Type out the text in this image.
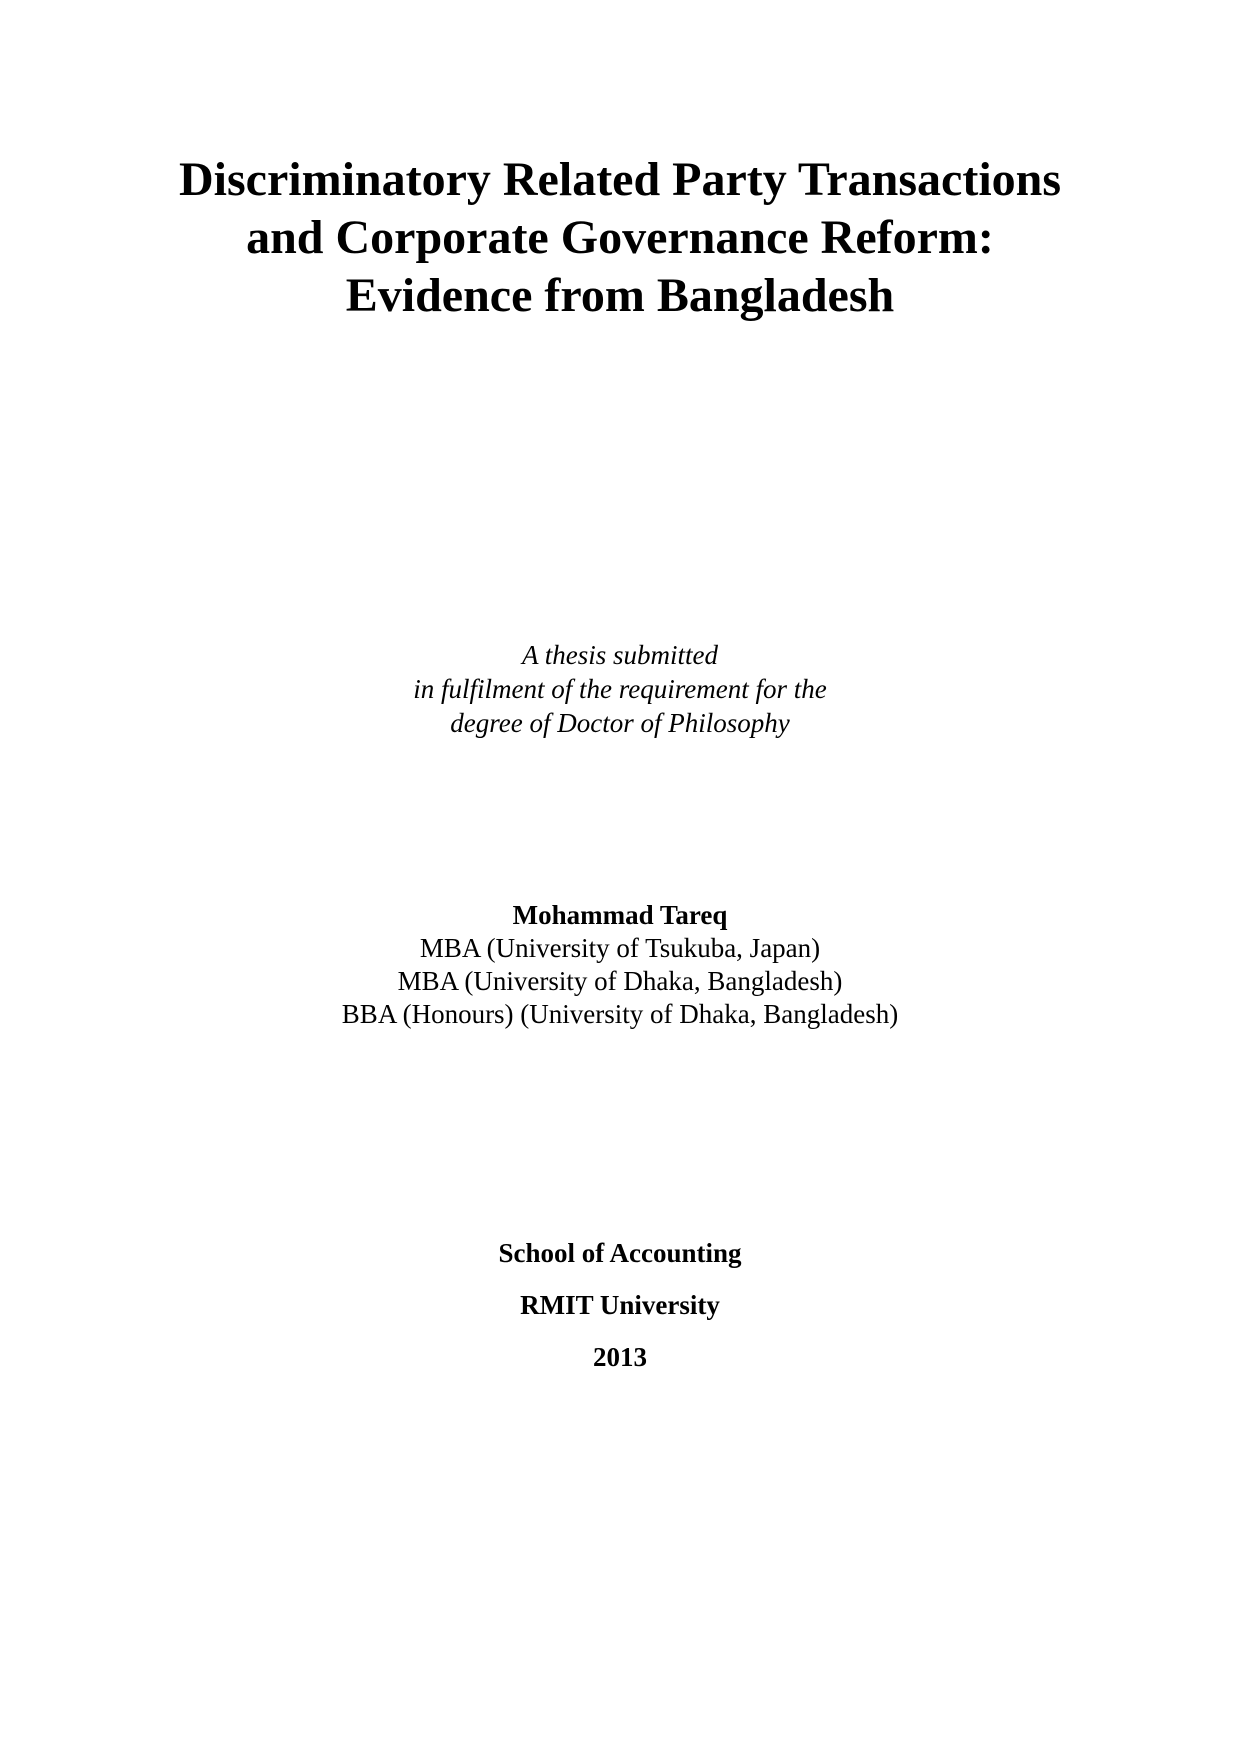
Discriminatory Related Party Transactions
and Corporate Governance Reform:
Evidence from Bangladesh
A thesis submitted
in fulfilment of the requirement for the
degree of Doctor of Philosophy
Mohammad Tareq
MBA (University of Tsukuba, Japan)
MBA (University of Dhaka, Bangladesh)
BBA (Honours) (University of Dhaka, Bangladesh)
School of Accounting
RMIT University
2013
